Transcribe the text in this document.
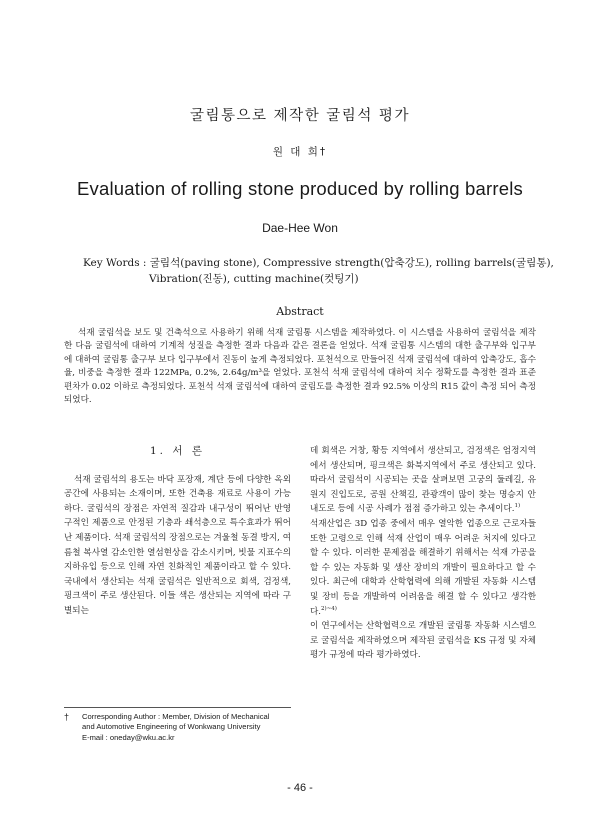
굴림통으로 제작한 굴림석 평가
원 대 희†
Evaluation of rolling stone produced by rolling barrels
Dae-Hee Won
Key Words : 굴림석(paving stone), Compressive strength(압축강도), rolling barrels(굴림통),
Vibration(진동), cutting machine(컷팅기)
Abstract

석재 굴림석을 보도 및 건축석으로 사용하기 위해 석재 굴림통 시스템을 제작하였다. 이 시스템을 사용하여 굴림석을 제작한 다음 굴림석에 대하여 기계적 성질을 측정한 결과 다음과 같은 결론을 얻었다. 석재 굴림통 시스템의 대한 출구부와 입구부에 대하여 굴림통 출구부 보다 입구부에서 진동이 높게 측정되었다. 포천석으로 만들어진 석재 굴림석에 대하여 압축강도, 흡수율, 비중을 측정한 결과 122MPa, 0.2%, 2.64g/m³을 얻었다. 포천석 석재 굴림석에 대하여 치수 정확도를 측정한 결과 표준편차가 0.02 이하로 측정되었다. 포천석 석재 굴림석에 대하여 굴림도를 측정한 결과 92.5% 이상의 R15 값이 측정 되어 측정되었다.

1. 서 론

석재 굴림석의 용도는 바닥 포장재, 계단 등에 다양한 옥외 공간에 사용되는 소재이며, 또한 건축용 재료로 사용이 가능하다. 굴림석의 장점은 자연적 질감과 내구성이 뛰어난 반영구적인 제품으로 안정된 기층과 쇄석층으로 특수효과가 뛰어난 제품이다. 석재 굴림석의 장점으로는 겨울철 동결 방지, 여름철 복사열 감소인한 열섬현상을 감소시키며, 빗물 지표수의 지하유입 등으로 인해 자연 친화적인 제품이라고 할 수 있다. 국내에서 생산되는 석재 굴림석은 일반적으로 회색, 검정색, 핑크색이 주로 생산된다. 이들 색은 생산되는 지역에 따라 구별되는

데 회색은 거창, 황등 지역에서 생산되고, 검정색은 엄정지역에서 생산되며, 핑크색은 화북지역에서 주로 생산되고 있다. 따라서 굴림석이 시공되는 곳을 살펴보면 고궁의 둘레길, 유원지 진입도로, 공원 산책길, 관광객이 많이 찾는 명승지 안내도로 등에 시공 사례가 점점 증가하고 있는 추세이다.$^{1)}$

석재산업은 3D 업종 중에서 매우 열악한 업종으로 근로자들 또한 고령으로 인해 석재 산업이 매우 어려운 처지에 있다고 할 수 있다. 이러한 문제점을 해결하기 위해서는 석재 가공을 할 수 있는 자동화 및 생산 장비의 개발이 필요하다고 할 수 있다. 최근에 대학과 산학협력에 의해 개발된 자동화 시스템 및 장비 등을 개발하여 어려움을 해결 할 수 있다고 생각한다.$^{2)\sim 4)}$

이 연구에서는 산학협력으로 개발된 굴림통 자동화 시스템으로 굴림석을 제작하였으며 제작된 굴림석을 KS 규정 및 자체 평가 규정에 따라 평가하였다.

† Corresponding Author : Member, Division of Mechanical
and Automotive Engineering of Wonkwang University
E-mail : oneday@wku.ac.kr
- 46 -
